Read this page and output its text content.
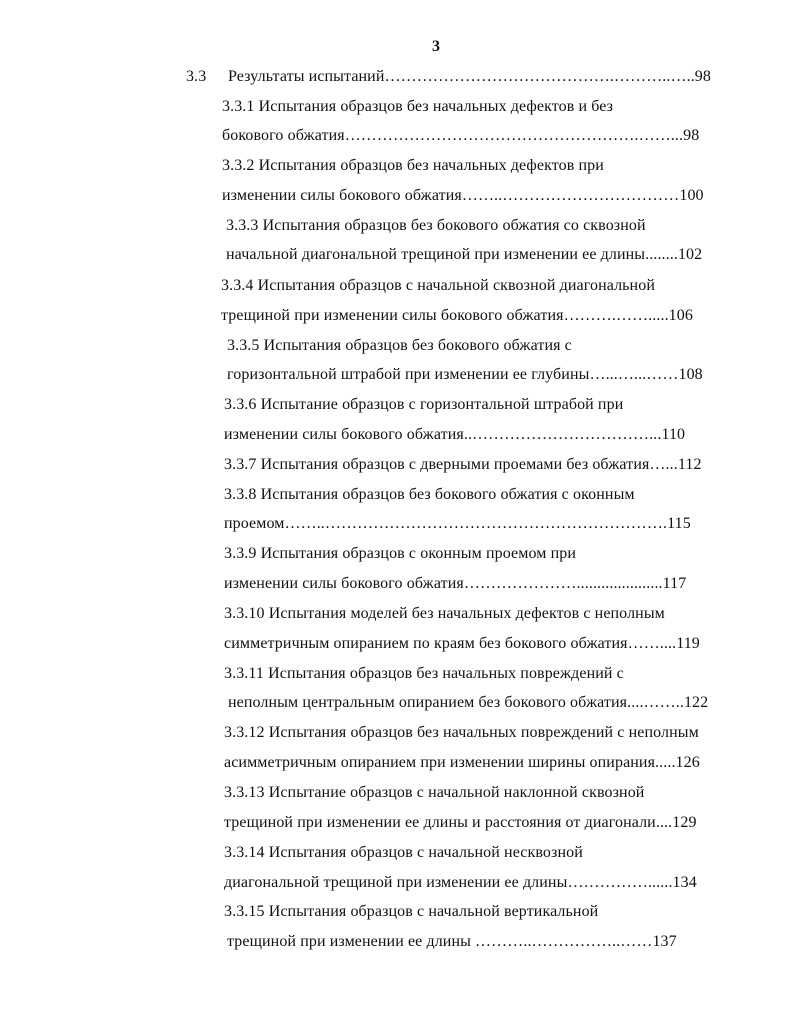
3
3.3 Результаты испытаний…………………………………….………..…..98
3.3.1 Испытания образцов без начальных дефектов и без
бокового обжатия……………………………………………….……...98
3.3.2 Испытания образцов без начальных дефектов при
изменении силы бокового обжатия……..……………………………100
3.3.3 Испытания образцов без бокового обжатия со сквозной
начальной диагональной трещиной при изменении ее длины........102
3.3.4 Испытания образцов с начальной сквозной диагональной
трещиной при изменении силы бокового обжатия……….…….....106
3.3.5 Испытания образцов без бокового обжатия с
горизонтальной штрабой при изменении ее глубины…...…...……108
3.3.6 Испытание образцов с горизонтальной штрабой при
изменении силы бокового обжатия..……………………………...110
3.3.7 Испытания образцов с дверными проемами без обжатия…...112
3.3.8 Испытания образцов без бокового обжатия с оконным
проемом……..……………………………………………………….115
3.3.9 Испытания образцов с оконным проемом при
изменении силы бокового обжатия………………….....................117
3.3.10 Испытания моделей без начальных дефектов с неполным
симметричным опиранием по краям без бокового обжатия……....119
3.3.11 Испытания образцов без начальных повреждений с
неполным центральным опиранием без бокового обжатия....……..122
3.3.12 Испытания образцов без начальных повреждений с неполным
асимметричным опиранием при изменении ширины опирания.....126
3.3.13 Испытание образцов с начальной наклонной сквозной
трещиной при изменении ее длины и расстояния от диагонали....129
3.3.14 Испытания образцов с начальной несквозной
диагональной трещиной при изменении ее длины……………......134
3.3.15 Испытания образцов с начальной вертикальной
трещиной при изменении ее длины ………..……………..……137
